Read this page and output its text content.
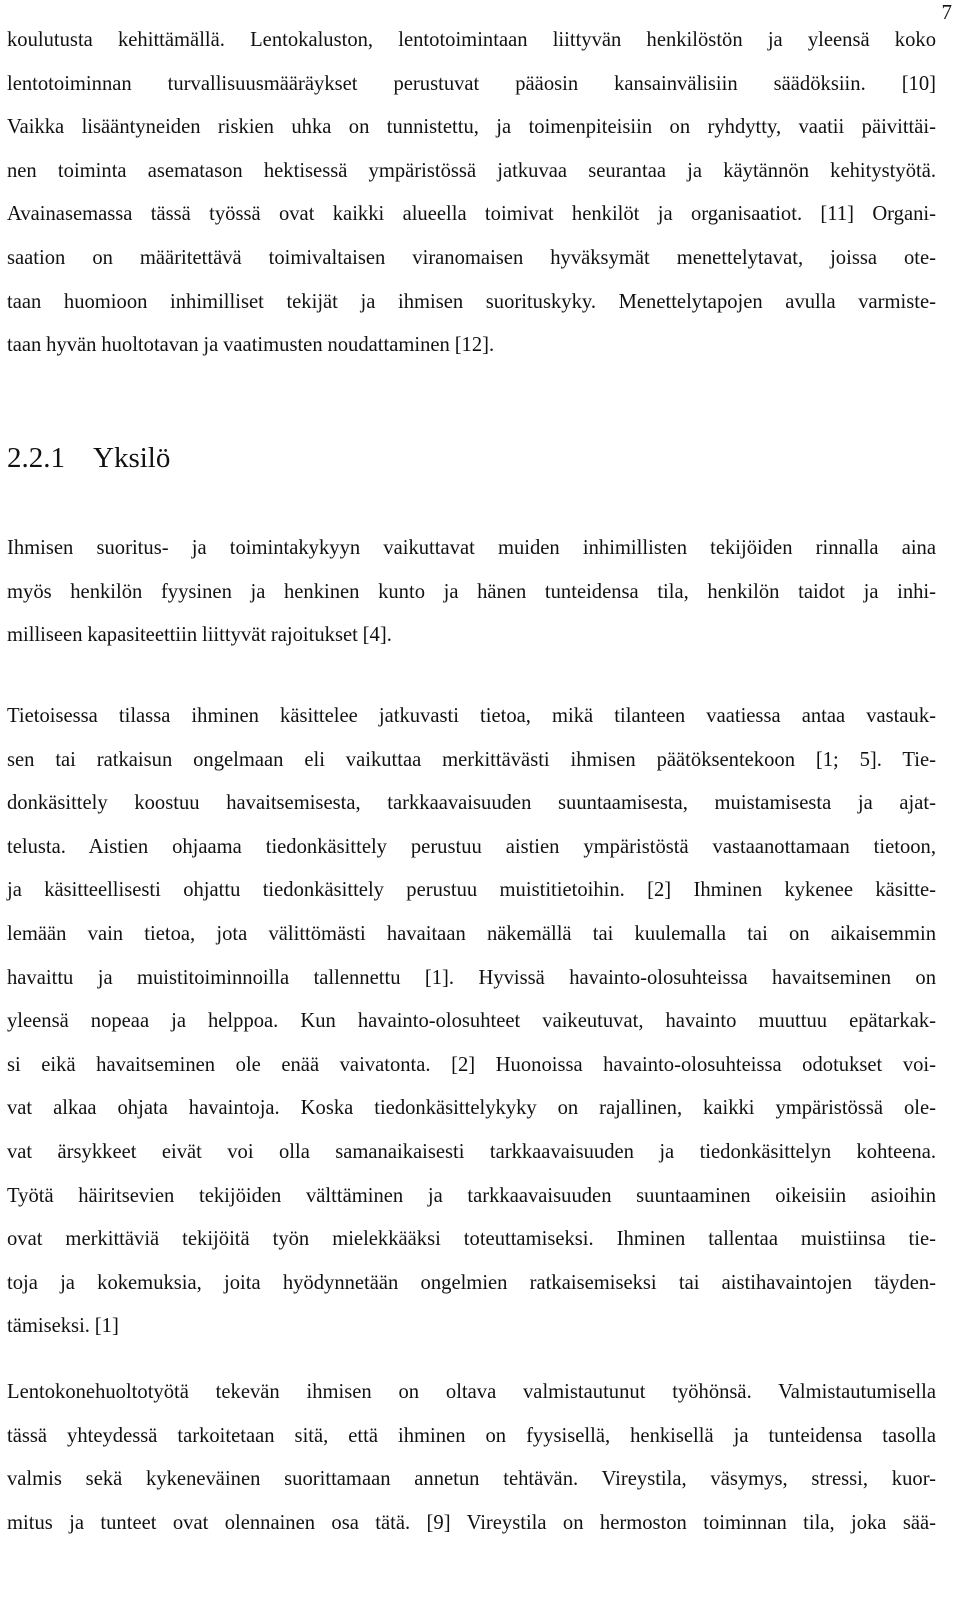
7
koulutusta kehittämällä. Lentokaluston, lentotoimintaan liittyvän henkilöstön ja yleensä koko
lentotoiminnan turvallisuusmääräykset perustuvat pääosin kansainvälisiin säädöksiin. [10]
Vaikka lisääntyneiden riskien uhka on tunnistettu, ja toimenpiteisiin on ryhdytty, vaatii päivittäi-
nen toiminta asematason hektisessä ympäristössä jatkuvaa seurantaa ja käytännön kehitystyötä.
Avainasemassa tässä työssä ovat kaikki alueella toimivat henkilöt ja organisaatiot. [11] Organi-
saation on määritettävä toimivaltaisen viranomaisen hyväksymät menettelytavat, joissa ote-
taan huomioon inhimilliset tekijät ja ihmisen suorituskyky. Menettelytapojen avulla varmiste-
taan hyvän huoltotavan ja vaatimusten noudattaminen [12].
2.2.1 Yksilö
Ihmisen suoritus- ja toimintakykyyn vaikuttavat muiden inhimillisten tekijöiden rinnalla aina
myös henkilön fyysinen ja henkinen kunto ja hänen tunteidensa tila, henkilön taidot ja inhi-
milliseen kapasiteettiin liittyvät rajoitukset [4].
Tietoisessa tilassa ihminen käsittelee jatkuvasti tietoa, mikä tilanteen vaatiessa antaa vastauk-
sen tai ratkaisun ongelmaan eli vaikuttaa merkittävästi ihmisen päätöksentekoon [1; 5]. Tie-
donkäsittely koostuu havaitsemisesta, tarkkaavaisuuden suuntaamisesta, muistamisesta ja ajat-
telusta. Aistien ohjaama tiedonkäsittely perustuu aistien ympäristöstä vastaanottamaan tietoon,
ja käsitteellisesti ohjattu tiedonkäsittely perustuu muistitietoihin. [2] Ihminen kykenee käsitte-
lemään vain tietoa, jota välittömästi havaitaan näkemällä tai kuulemalla tai on aikaisemmin
havaittu ja muistitoiminnoilla tallennettu [1]. Hyvissä havainto-olosuhteissa havaitseminen on
yleensä nopeaa ja helppoa. Kun havainto-olosuhteet vaikeutuvat, havainto muuttuu epätarkak-
si eikä havaitseminen ole enää vaivatonta. [2] Huonoissa havainto-olosuhteissa odotukset voi-
vat alkaa ohjata havaintoja. Koska tiedonkäsittelykyky on rajallinen, kaikki ympäristössä ole-
vat ärsykkeet eivät voi olla samanaikaisesti tarkkaavaisuuden ja tiedonkäsittelyn kohteena.
Työtä häiritsevien tekijöiden välttäminen ja tarkkaavaisuuden suuntaaminen oikeisiin asioihin
ovat merkittäviä tekijöitä työn mielekkääksi toteuttamiseksi. Ihminen tallentaa muistiinsa tie-
toja ja kokemuksia, joita hyödynnetään ongelmien ratkaisemiseksi tai aistihavaintojen täyden-
tämiseksi. [1]
Lentokonehuoltotyötä tekevän ihmisen on oltava valmistautunut työhönsä. Valmistautumisella
tässä yhteydessä tarkoitetaan sitä, että ihminen on fyysisellä, henkisellä ja tunteidensa tasolla
valmis sekä kykeneväinen suorittamaan annetun tehtävän. Vireystila, väsymys, stressi, kuor-
mitus ja tunteet ovat olennainen osa tätä. [9] Vireystila on hermoston toiminnan tila, joka sää-
